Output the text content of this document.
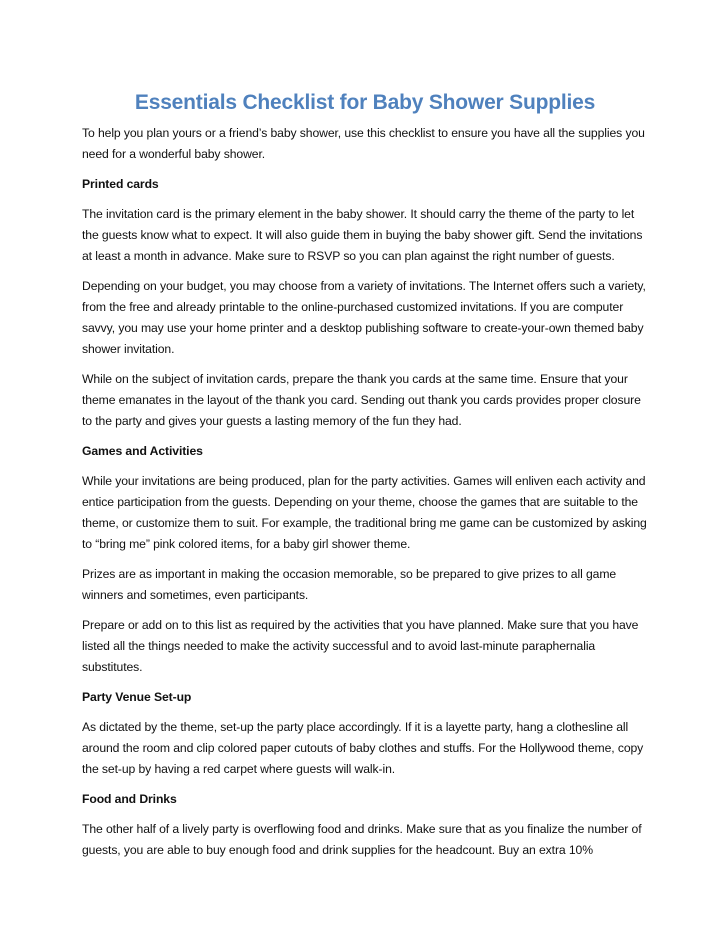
Essentials Checklist for Baby Shower Supplies

To help you plan yours or a friend’s baby shower, use this checklist to ensure you have all the supplies you need for a wonderful baby shower.

Printed cards

The invitation card is the primary element in the baby shower. It should carry the theme of the party to let the guests know what to expect. It will also guide them in buying the baby shower gift. Send the invitations at least a month in advance. Make sure to RSVP so you can plan against the right number of guests.

Depending on your budget, you may choose from a variety of invitations. The Internet offers such a variety, from the free and already printable to the online-purchased customized invitations. If you are computer savvy, you may use your home printer and a desktop publishing software to create-your-own themed baby shower invitation.

While on the subject of invitation cards, prepare the thank you cards at the same time. Ensure that your theme emanates in the layout of the thank you card. Sending out thank you cards provides proper closure to the party and gives your guests a lasting memory of the fun they had.

Games and Activities

While your invitations are being produced, plan for the party activities. Games will enliven each activity and entice participation from the guests. Depending on your theme, choose the games that are suitable to the theme, or customize them to suit. For example, the traditional bring me game can be customized by asking to “bring me” pink colored items, for a baby girl shower theme.

Prizes are as important in making the occasion memorable, so be prepared to give prizes to all game winners and sometimes, even participants.

Prepare or add on to this list as required by the activities that you have planned. Make sure that you have listed all the things needed to make the activity successful and to avoid last-minute paraphernalia substitutes.

Party Venue Set-up

As dictated by the theme, set-up the party place accordingly. If it is a layette party, hang a clothesline all around the room and clip colored paper cutouts of baby clothes and stuffs. For the Hollywood theme, copy the set-up by having a red carpet where guests will walk-in.

Food and Drinks

The other half of a lively party is overflowing food and drinks. Make sure that as you finalize the number of guests, you are able to buy enough food and drink supplies for the headcount. Buy an extra 10%
